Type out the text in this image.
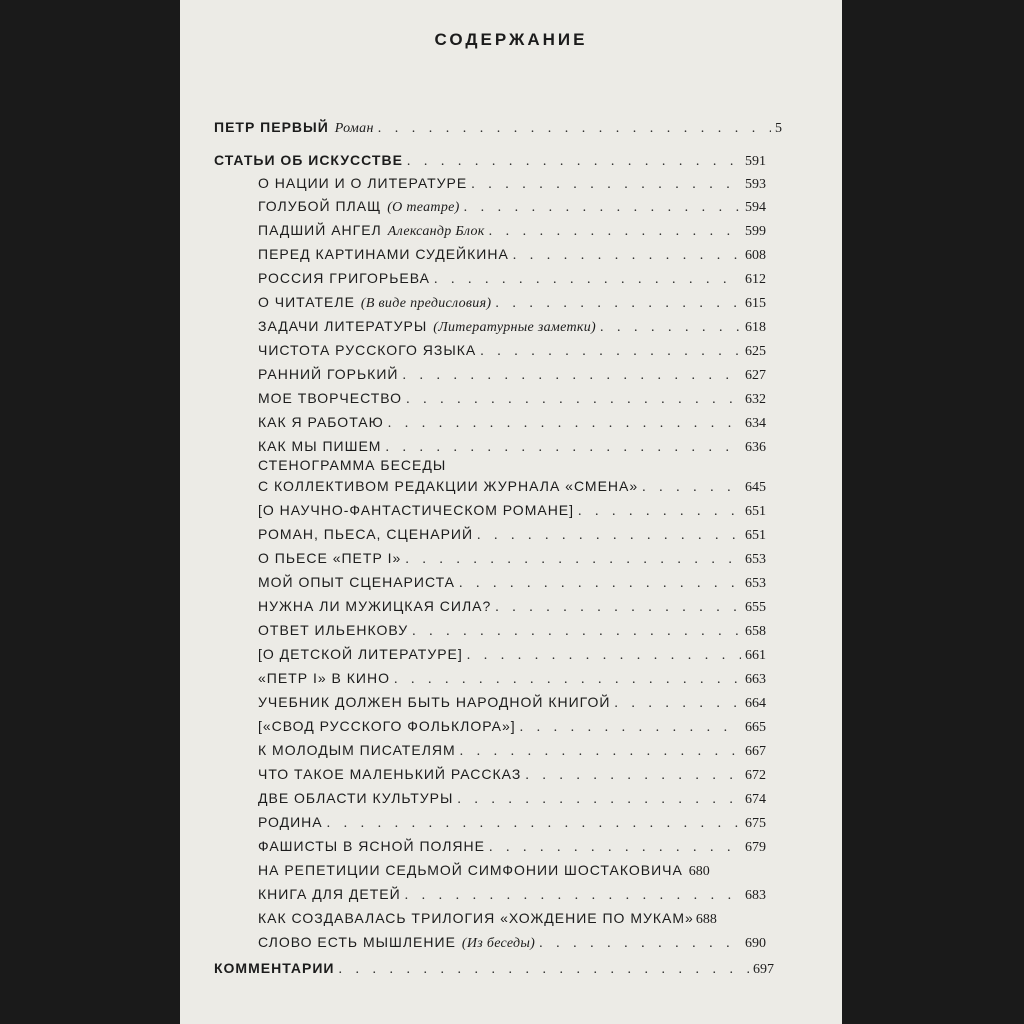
СОДЕРЖАНИЕ
ПЕТР ПЕРВЫЙ Роман . . .	5
СТАТЬИ ОБ ИСКУССТВЕ . . .	591
О НАЦИИ И О ЛИТЕРАТУРЕ . . .	593
ГОЛУБОЙ ПЛАЩ (О театре) . . .	594
ПАДШИЙ АНГЕЛ Александр Блок . . .	599
ПЕРЕД КАРТИНАМИ СУДЕЙКИНА . . .	608
РОССИЯ ГРИГОРЬЕВА . . .	612
О ЧИТАТЕЛЕ (В виде предисловия) . . .	615
ЗАДАЧИ ЛИТЕРАТУРЫ (Литературные заметки) . . .	618
ЧИСТОТА РУССКОГО ЯЗЫКА . . .	625
РАННИЙ ГОРЬКИЙ . . .	627
МОЕ ТВОРЧЕСТВО . . .	632
КАК Я РАБОТАЮ . . .	634
КАК МЫ ПИШЕМ . . .	636
СТЕНОГРАММА БЕСЕДЫ
С КОЛЛЕКТИВОМ РЕДАКЦИИ ЖУРНАЛА «СМЕНА» . . .	645
[О НАУЧНО-ФАНТАСТИЧЕСКОМ РОМАНЕ] . . .	651
РОМАН, ПЬЕСА, СЦЕНАРИЙ . . .	651
О ПЬЕСЕ «ПЕТР I» . . .	653
МОЙ ОПЫТ СЦЕНАРИСТА . . .	653
НУЖНА ЛИ МУЖИЦКАЯ СИЛА? . . .	655
ОТВЕТ ИЛЬЕНКОВУ . . .	658
[О ДЕТСКОЙ ЛИТЕРАТУРЕ] . . .	661
«ПЕТР I» В КИНО . . .	663
УЧЕБНИК ДОЛЖЕН БЫТЬ НАРОДНОЙ КНИГОЙ . . .	664
[«СВОД РУССКОГО ФОЛЬКЛОРА»] . . .	665
К МОЛОДЫМ ПИСАТЕЛЯМ . . .	667
ЧТО ТАКОЕ МАЛЕНЬКИЙ РАССКАЗ . . .	672
ДВЕ ОБЛАСТИ КУЛЬТУРЫ . . .	674
РОДИНА . . .	675
ФАШИСТЫ В ЯСНОЙ ПОЛЯНЕ . . .	679
НА РЕПЕТИЦИИ СЕДЬМОЙ СИМФОНИИ ШОСТАКОВИЧА 680
КНИГА ДЛЯ ДЕТЕЙ . . .	683
КАК СОЗДАВАЛАСЬ ТРИЛОГИЯ «ХОЖДЕНИЕ ПО МУКАМ» 688
СЛОВО ЕСТЬ МЫШЛЕНИЕ (Из беседы) . . .	690
КОММЕНТАРИИ . . .	697
